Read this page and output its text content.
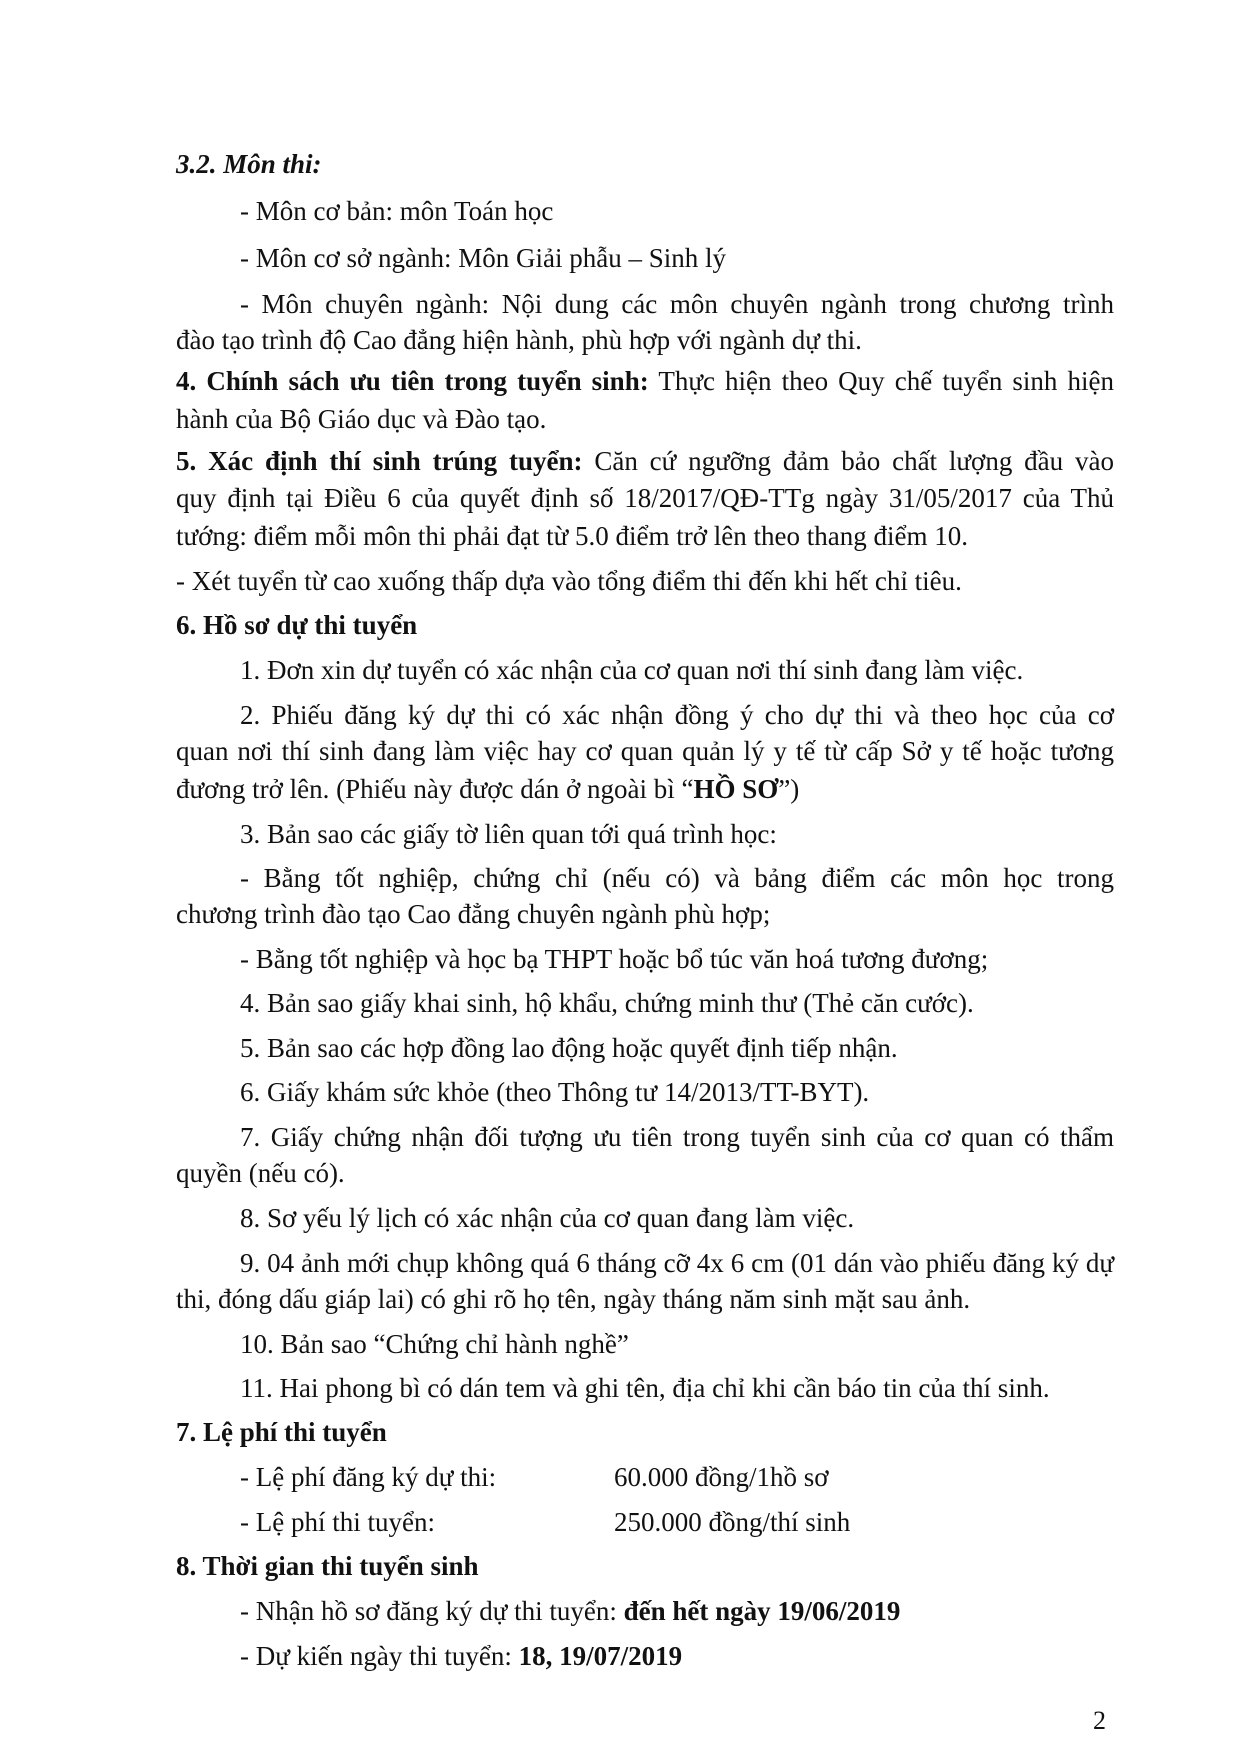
3.2. Môn thi:
- Môn cơ bản: môn Toán học
- Môn cơ sở ngành: Môn Giải phẫu – Sinh lý
- Môn chuyên ngành: Nội dung các môn chuyên ngành trong chương trình
đào tạo trình độ Cao đẳng hiện hành, phù hợp với ngành dự thi.
4. Chính sách ưu tiên trong tuyển sinh: Thực hiện theo Quy chế tuyển sinh hiện
hành của Bộ Giáo dục và Đào tạo.
5. Xác định thí sinh trúng tuyển: Căn cứ ngưỡng đảm bảo chất lượng đầu vào
quy định tại Điều 6 của quyết định số 18/2017/QĐ-TTg ngày 31/05/2017 của Thủ
tướng: điểm mỗi môn thi phải đạt từ 5.0 điểm trở lên theo thang điểm 10.
- Xét tuyển từ cao xuống thấp dựa vào tổng điểm thi đến khi hết chỉ tiêu.
6. Hồ sơ dự thi tuyển
1. Đơn xin dự tuyển có xác nhận của cơ quan nơi thí sinh đang làm việc.
2. Phiếu đăng ký dự thi có xác nhận đồng ý cho dự thi và theo học của cơ
quan nơi thí sinh đang làm việc hay cơ quan quản lý y tế từ cấp Sở y tế hoặc tương
đương trở lên. (Phiếu này được dán ở ngoài bì “HỒ SƠ”)
3. Bản sao các giấy tờ liên quan tới quá trình học:
- Bằng tốt nghiệp, chứng chỉ (nếu có) và bảng điểm các môn học trong
chương trình đào tạo Cao đẳng chuyên ngành phù hợp;
- Bằng tốt nghiệp và học bạ THPT hoặc bổ túc văn hoá tương đương;
4. Bản sao giấy khai sinh, hộ khẩu, chứng minh thư (Thẻ căn cước).
5. Bản sao các hợp đồng lao động hoặc quyết định tiếp nhận.
6. Giấy khám sức khỏe (theo Thông tư 14/2013/TT-BYT).
7. Giấy chứng nhận đối tượng ưu tiên trong tuyển sinh của cơ quan có thẩm
quyền (nếu có).
8. Sơ yếu lý lịch có xác nhận của cơ quan đang làm việc.
9. 04 ảnh mới chụp không quá 6 tháng cỡ 4x 6 cm (01 dán vào phiếu đăng ký dự
thi, đóng dấu giáp lai) có ghi rõ họ tên, ngày tháng năm sinh mặt sau ảnh.
10. Bản sao “Chứng chỉ hành nghề”
11. Hai phong bì có dán tem và ghi tên, địa chỉ khi cần báo tin của thí sinh.
7. Lệ phí thi tuyển
- Lệ phí đăng ký dự thi:	60.000 đồng/1hồ sơ
- Lệ phí thi tuyển:	250.000 đồng/thí sinh
8. Thời gian thi tuyển sinh
- Nhận hồ sơ đăng ký dự thi tuyển: đến hết ngày 19/06/2019
- Dự kiến ngày thi tuyển: 18, 19/07/2019
2
